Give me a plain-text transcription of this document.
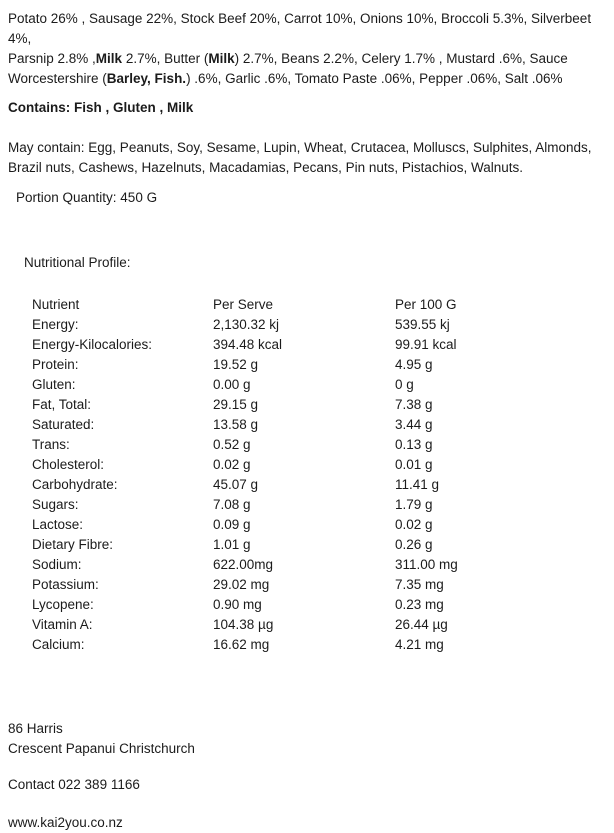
Potato 26% , Sausage 22%, Stock Beef 20%, Carrot 10%, Onions 10%, Broccoli 5.3%, Silverbeet 4%,
Parsnip 2.8% ,Milk 2.7%, Butter (Milk) 2.7%, Beans 2.2%, Celery 1.7% , Mustard .6%, Sauce
Worcestershire (Barley, Fish.) .6%, Garlic .6%, Tomato Paste .06%, Pepper .06%, Salt .06%
Contains: Fish , Gluten , Milk
May contain: Egg, Peanuts, Soy, Sesame, Lupin, Wheat, Crutacea, Molluscs, Sulphites, Almonds,
Brazil nuts, Cashews, Hazelnuts, Macadamias, Pecans, Pin nuts, Pistachios, Walnuts.
Portion Quantity: 450 G
Nutritional Profile:
Nutrient	Per Serve	Per 100 G
Energy:	2,130.32 kj	539.55 kj
Energy-Kilocalories:	394.48 kcal	99.91 kcal
Protein:	19.52 g	4.95 g
Gluten:	0.00 g	0 g
Fat, Total:	29.15 g	7.38 g
Saturated:	13.58 g	3.44 g
Trans:	0.52 g	0.13 g
Cholesterol:	0.02 g	0.01 g
Carbohydrate:	45.07 g	11.41 g
Sugars:	7.08 g	1.79 g
Lactose:	0.09 g	0.02 g
Dietary Fibre:	1.01 g	0.26 g
Sodium:	622.00mg	311.00 mg
Potassium:	29.02 mg	7.35 mg
Lycopene:	0.90 mg	0.23 mg
Vitamin A:	104.38 µg	26.44 µg
Calcium:	16.62 mg	4.21 mg
86 Harris
Crescent Papanui Christchurch
Contact 022 389 1166
www.kai2you.co.nz
